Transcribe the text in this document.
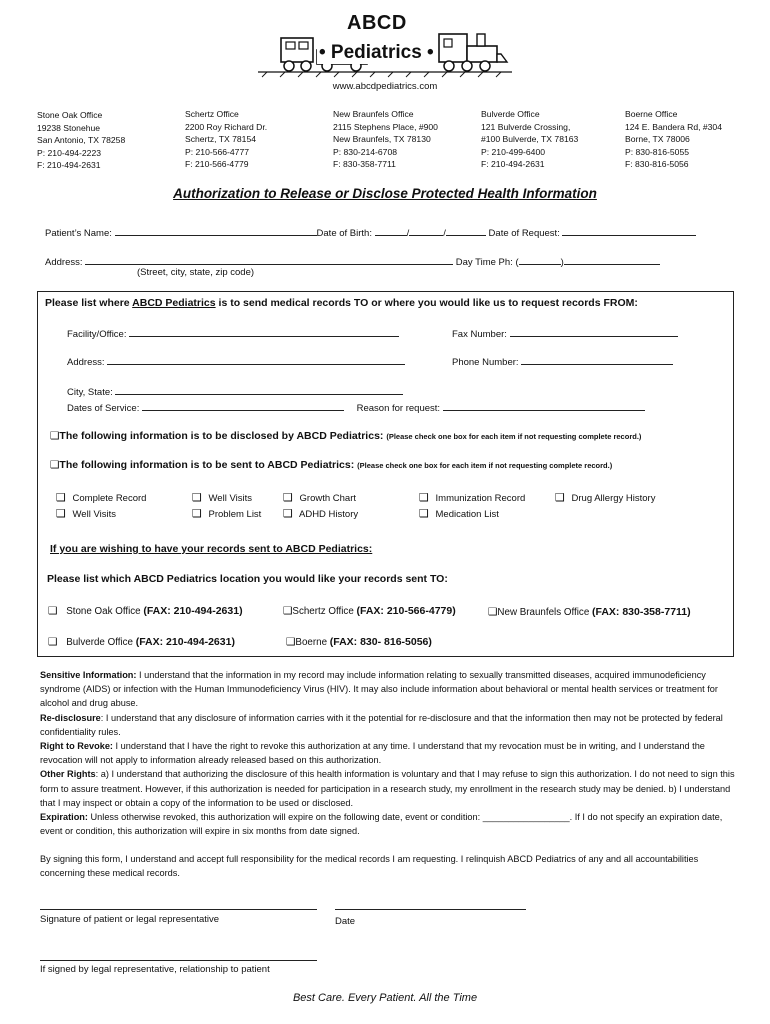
ABCD
• Pediatrics •
www.abcdpediatrics.com
Stone Oak Office
19238 Stonehue
San Antonio, TX 78258
P: 210-494-2223
F: 210-494-2631
Schertz Office
2200 Roy Richard Dr.
Schertz, TX 78154
P: 210-566-4777
F: 210-566-4779
New Braunfels Office
2115 Stephens Place, #900
New Braunfels, TX 78130
P: 830-214-6708
F: 830-358-7711
Bulverde Office
121 Bulverde Crossing,
#100 Bulverde, TX 78163
P: 210-499-6400
F: 210-494-2631
Boerne Office
124 E. Bandera Rd, #304
Borne, TX 78006
P: 830-816-5055
F: 830-816-5056
Authorization to Release or Disclose Protected Health Information
Patient’s Name:	Date of Birth:	/	/	Date of Request:
Address:	Day Time Ph: (	)
(Street, city, state, zip code)
Please list where ABCD Pediatrics is to send medical records TO or where you would like us to request records FROM:
Facility/Office:	Fax Number:
Address:	Phone Number:
City, State:
Dates of Service:	Reason for request:
❑The following information is to be disclosed by ABCD Pediatrics: (Please check one box for each item if not requesting complete record.)
❑The following information is to be sent to ABCD Pediatrics: (Please check one box for each item if not requesting complete record.)
❑ Complete Record	❑ Well Visits	❑ Growth Chart	❑ Immunization Record	❑ Drug Allergy History
❑ Well Visits	❑ Problem List ❑ ADHD History	❑ Medication List
If you are wishing to have your records sent to ABCD Pediatrics:
Please list which ABCD Pediatrics location you would like your records sent TO:
❑ Stone Oak Office (FAX: 210-494-2631)	❑Schertz Office (FAX: 210-566-4779)	❑New Braunfels Office (FAX: 830-358-7711)
❑ Bulverde Office (FAX: 210-494-2631)	❑Boerne (FAX: 830- 816-5056)
Sensitive Information: I understand that the information in my record may include information relating to sexually transmitted diseases, acquired immunodeficiency syndrome (AIDS) or infection with the Human Immunodeficiency Virus (HIV). It may also include information about behavioral or mental health services or treatment for alcohol and drug abuse.
Re-disclosure: I understand that any disclosure of information carries with it the potential for re-disclosure and that the information then may not be protected by federal confidentiality rules.
Right to Revoke: I understand that I have the right to revoke this authorization at any time. I understand that my revocation must be in writing, and I understand the revocation will not apply to information already released based on this authorization.
Other Rights: a) I understand that authorizing the disclosure of this health information is voluntary and that I may refuse to sign this authorization. I do not need to sign this form to assure treatment. However, if this authorization is needed for participation in a research study, my enrollment in the research study may be denied. b) I understand that I may inspect or obtain a copy of the information to be used or disclosed.
Expiration: Unless otherwise revoked, this authorization will expire on the following date, event or condition: _________________. If I do not specify an expiration date, event or condition, this authorization will expire in six months from date signed.
By signing this form, I understand and accept full responsibility for the medical records I am requesting. I relinquish ABCD Pediatrics of any and all accountabilities concerning these medical records.
Signature of patient or legal representative	Date
If signed by legal representative, relationship to patient
Best Care. Every Patient. All the Time
